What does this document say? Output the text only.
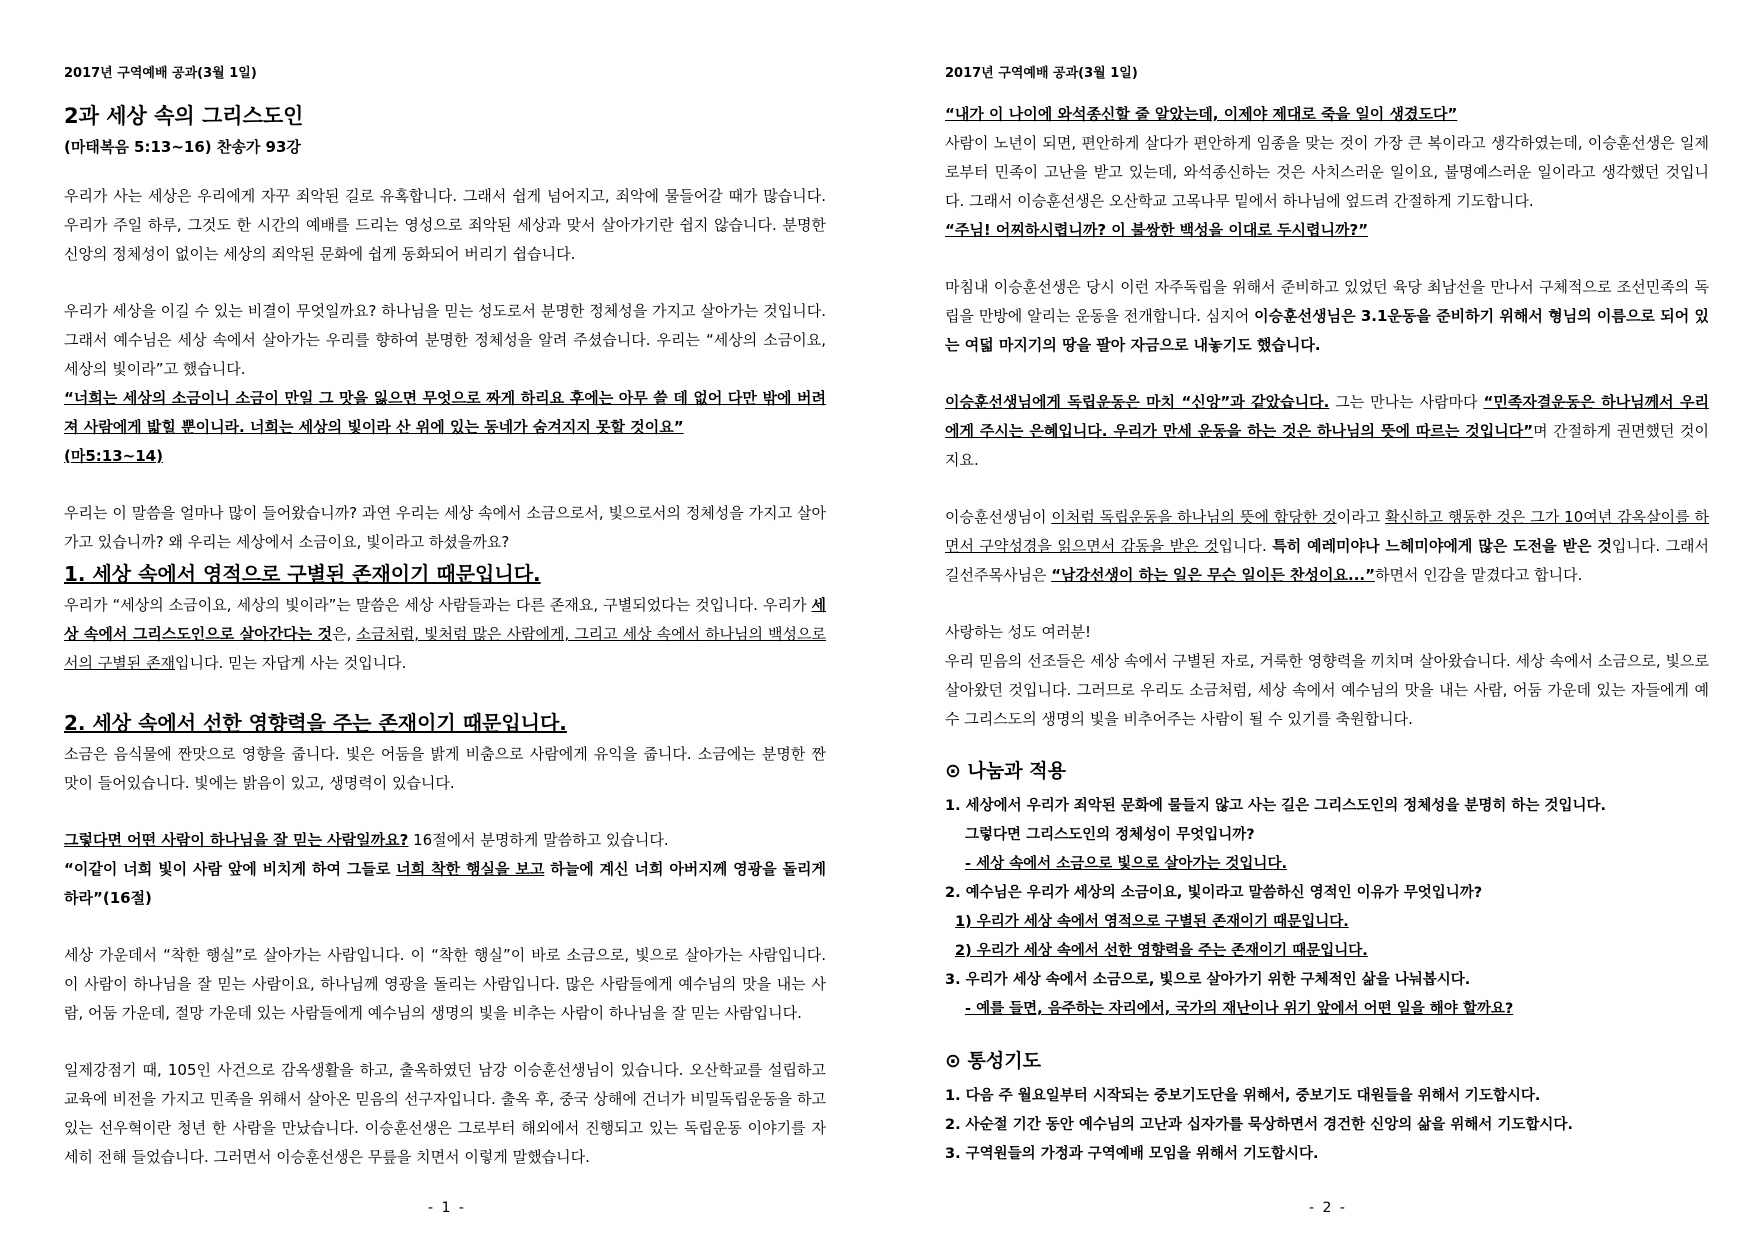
2017년 구역예배 공과(3월 1일)
2과 세상 속의 그리스도인
(마태복음 5:13~16) 찬송가 93강

우리가 사는 세상은 우리에게 자꾸 죄악된 길로 유혹합니다. 그래서 쉽게 넘어지고, 죄악에 물들어갈 때가 많습니다. 우리가 주일 하루, 그것도 한 시간의 예배를 드리는 영성으로 죄악된 세상과 맞서 살아가기란 쉽지 않습니다. 분명한 신앙의 정체성이 없이는 세상의 죄악된 문화에 쉽게 동화되어 버리기 쉽습니다.

우리가 세상을 이길 수 있는 비결이 무엇일까요? 하나님을 믿는 성도로서 분명한 정체성을 가지고 살아가는 것입니다. 그래서 예수님은 세상 속에서 살아가는 우리를 향하여 분명한 정체성을 알려 주셨습니다. 우리는 “세상의 소금이요, 세상의 빛이라”고 했습니다.

“너희는 세상의 소금이니 소금이 만일 그 맛을 잃으면 무엇으로 짜게 하리요 후에는 아무 쓸 데 없어 다만 밖에 버려져 사람에게 밟힐 뿐이니라. 너희는 세상의 빛이라 산 위에 있는 동네가 숨겨지지 못할 것이요”

(마5:13~14)

우리는 이 말씀을 얼마나 많이 들어왔습니까? 과연 우리는 세상 속에서 소금으로서, 빛으로서의 정체성을 가지고 살아가고 있습니까? 왜 우리는 세상에서 소금이요, 빛이라고 하셨을까요?

1. 세상 속에서 영적으로 구별된 존재이기 때문입니다.

우리가 “세상의 소금이요, 세상의 빛이라”는 말씀은 세상 사람들과는 다른 존재요, 구별되었다는 것입니다. 우리가 세상 속에서 그리스도인으로 살아간다는 것은, 소금처럼, 빛처럼 많은 사람에게, 그리고 세상 속에서 하나님의 백성으로서의 구별된 존재입니다. 믿는 자답게 사는 것입니다.

2. 세상 속에서 선한 영향력을 주는 존재이기 때문입니다.

소금은 음식물에 짠맛으로 영향을 줍니다. 빛은 어둠을 밝게 비춤으로 사람에게 유익을 줍니다. 소금에는 분명한 짠 맛이 들어있습니다. 빛에는 밝음이 있고, 생명력이 있습니다.

그렇다면 어떤 사람이 하나님을 잘 믿는 사람일까요? 16절에서 분명하게 말씀하고 있습니다.

“이같이 너희 빛이 사람 앞에 비치게 하여 그들로 너희 착한 행실을 보고 하늘에 계신 너희 아버지께 영광을 돌리게 하라”(16절)

세상 가운데서 “착한 행실”로 살아가는 사람입니다. 이 “착한 행실”이 바로 소금으로, 빛으로 살아가는 사람입니다. 이 사람이 하나님을 잘 믿는 사람이요, 하나님께 영광을 돌리는 사람입니다. 많은 사람들에게 예수님의 맛을 내는 사람, 어둠 가운데, 절망 가운데 있는 사람들에게 예수님의 생명의 빛을 비추는 사람이 하나님을 잘 믿는 사람입니다.

일제강점기 때, 105인 사건으로 감옥생활을 하고, 출옥하였던 남강 이승훈선생님이 있습니다. 오산학교를 설립하고 교육에 비전을 가지고 민족을 위해서 살아온 믿음의 선구자입니다. 출옥 후, 중국 상해에 건너가 비밀독립운동을 하고 있는 선우혁이란 청년 한 사람을 만났습니다. 이승훈선생은 그로부터 해외에서 진행되고 있는 독립운동 이야기를 자세히 전해 들었습니다. 그러면서 이승훈선생은 무릎을 치면서 이렇게 말했습니다.

- 1 -
2017년 구역예배 공과(3월 1일)

“내가 이 나이에 와석종신할 줄 알았는데, 이제야 제대로 죽을 일이 생겼도다”

사람이 노년이 되면, 편안하게 살다가 편안하게 임종을 맞는 것이 가장 큰 복이라고 생각하였는데, 이승훈선생은 일제로부터 민족이 고난을 받고 있는데, 와석종신하는 것은 사치스러운 일이요, 불명예스러운 일이라고 생각했던 것입니다. 그래서 이승훈선생은 오산학교 고목나무 밑에서 하나님에 엎드려 간절하게 기도합니다.

“주님! 어찌하시렵니까? 이 불쌍한 백성을 이대로 두시렵니까?”

마침내 이승훈선생은 당시 이런 자주독립을 위해서 준비하고 있었던 육당 최남선을 만나서 구체적으로 조선민족의 독립을 만방에 알리는 운동을 전개합니다. 심지어 이승훈선생님은 3.1운동을 준비하기 위해서 형님의 이름으로 되어 있는 여덟 마지기의 땅을 팔아 자금으로 내놓기도 했습니다.

이승훈선생님에게 독립운동은 마치 “신앙”과 같았습니다. 그는 만나는 사람마다 “민족자결운동은 하나님께서 우리에게 주시는 은혜입니다. 우리가 만세 운동을 하는 것은 하나님의 뜻에 따르는 것입니다”며 간절하게 권면했던 것이지요.

이승훈선생님이 이처럼 독립운동을 하나님의 뜻에 합당한 것이라고 확신하고 행동한 것은 그가 10여년 감옥살이를 하면서 구약성경을 읽으면서 감동을 받은 것입니다. 특히 예레미야나 느헤미야에게 많은 도전을 받은 것입니다. 그래서 길선주목사님은 “남강선생이 하는 일은 무슨 일이든 찬성이요...”하면서 인감을 맡겼다고 합니다.

사랑하는 성도 여러분!

우리 믿음의 선조들은 세상 속에서 구별된 자로, 거룩한 영향력을 끼치며 살아왔습니다. 세상 속에서 소금으로, 빛으로 살아왔던 것입니다. 그러므로 우리도 소금처럼, 세상 속에서 예수님의 맛을 내는 사람, 어둠 가운데 있는 자들에게 예수 그리스도의 생명의 빛을 비추어주는 사람이 될 수 있기를 축원합니다.

⊙ 나눔과 적용
1. 세상에서 우리가 죄악된 문화에 물들지 않고 사는 길은 그리스도인의 정체성을 분명히 하는 것입니다.
그렇다면 그리스도인의 정체성이 무엇입니까?
- 세상 속에서 소금으로 빛으로 살아가는 것입니다.
2. 예수님은 우리가 세상의 소금이요, 빛이라고 말씀하신 영적인 이유가 무엇입니까?
1) 우리가 세상 속에서 영적으로 구별된 존재이기 때문입니다.
2) 우리가 세상 속에서 선한 영향력을 주는 존재이기 때문입니다.
3. 우리가 세상 속에서 소금으로, 빛으로 살아가기 위한 구체적인 삶을 나눠봅시다.
- 예를 들면, 음주하는 자리에서, 국가의 재난이나 위기 앞에서 어떤 일을 해야 할까요?
⊙ 통성기도
1. 다음 주 월요일부터 시작되는 중보기도단을 위해서, 중보기도 대원들을 위해서 기도합시다.
2. 사순절 기간 동안 예수님의 고난과 십자가를 묵상하면서 경건한 신앙의 삶을 위해서 기도합시다.
3. 구역원들의 가정과 구역예배 모임을 위해서 기도합시다.
- 2 -
